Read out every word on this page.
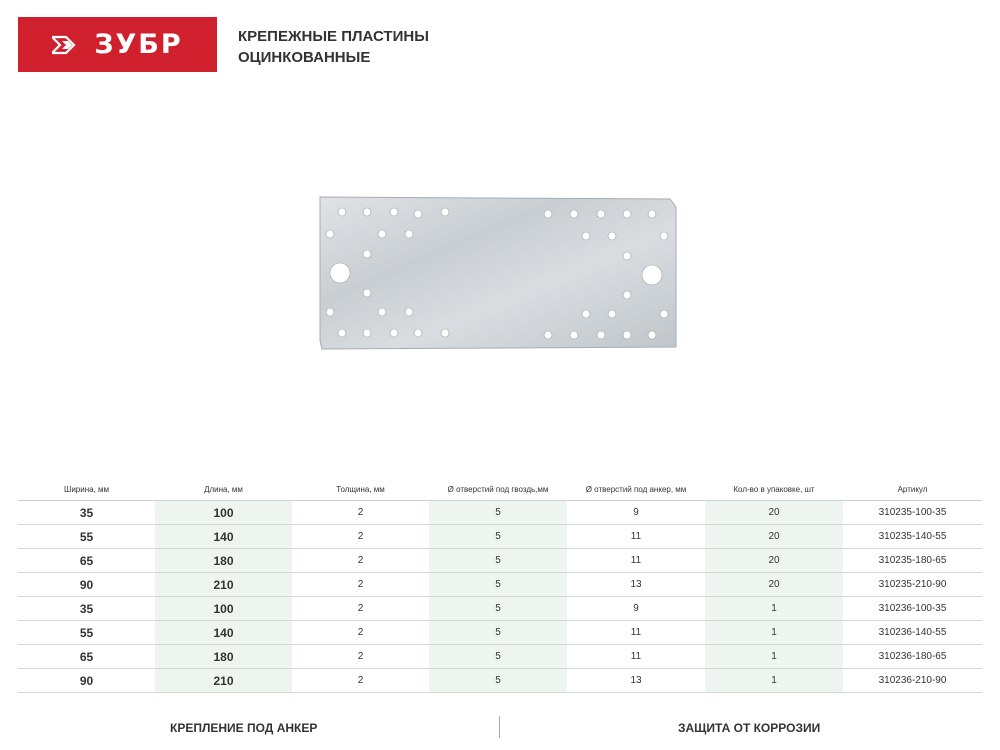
ЗУБР	КРЕПЕЖНЫЕ ПЛАСТИНЫ
ОЦИНКОВАННЫЕ
Ширина, мм	Длина, мм	Толщина, мм	Ø отверстий под гвоздь,мм	Ø отверстий под анкер, мм	Кол-во в упаковке, шт	Артикул
35	100	2	5	9	20	310235-100-35
55	140	2	5	11	20	310235-140-55
65	180	2	5	11	20	310235-180-65
90	210	2	5	13	20	310235-210-90
35	100	2	5	9	1	310236-100-35
55	140	2	5	11	1	310236-140-55
65	180	2	5	11	1	310236-180-65
90	210	2	5	13	1	310236-210-90
КРЕПЛЕНИЕ ПОД АНКЕР	ЗАЩИТА ОТ КОРРОЗИИ
